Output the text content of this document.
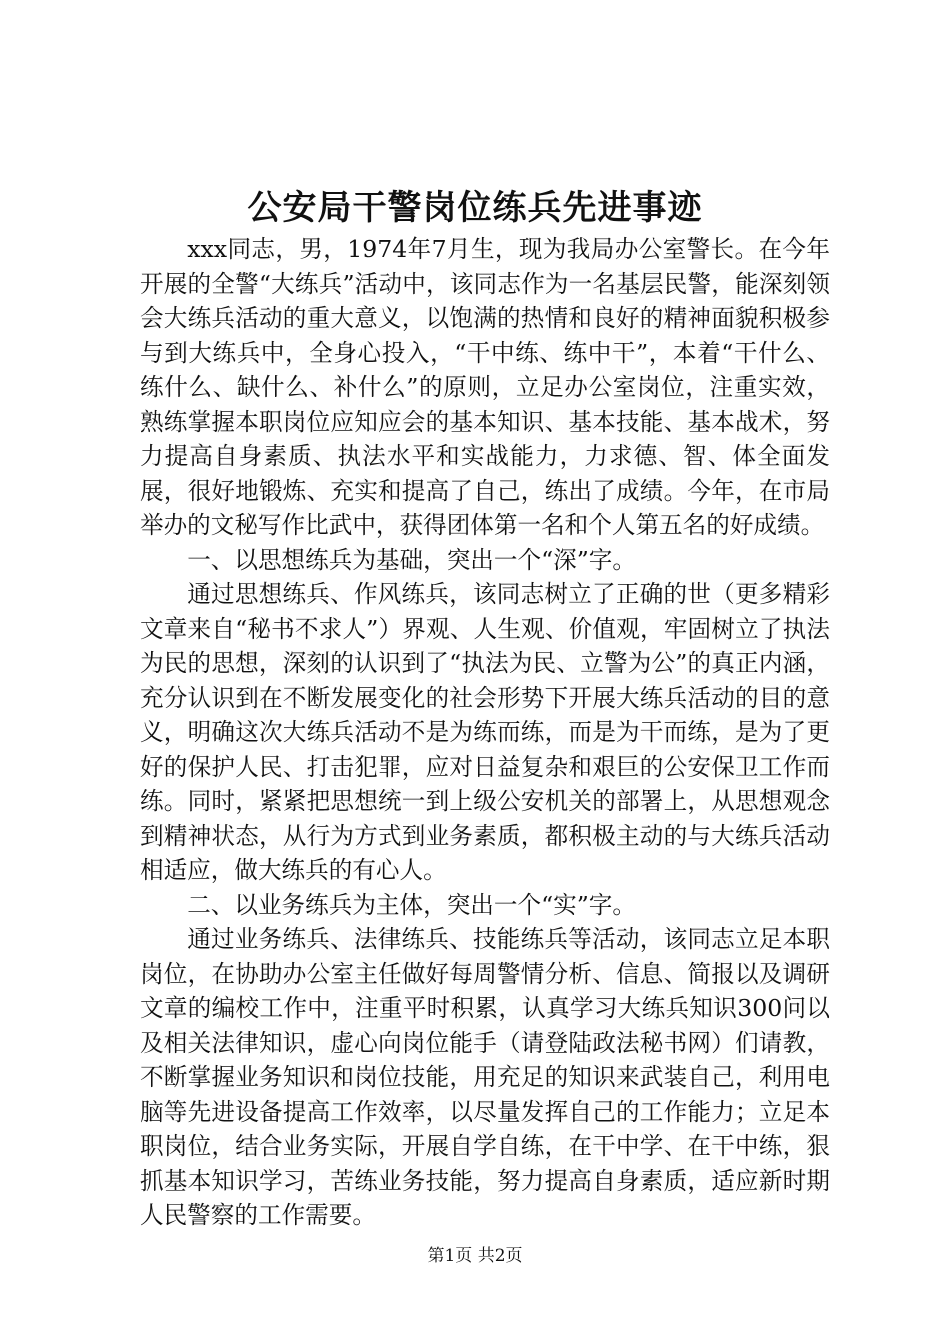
公安局干警岗位练兵先进事迹

xxx同志，男，1974年7月生，现为我局办公室警长。在今年开展的全警“大练兵”活动中，该同志作为一名基层民警，能深刻领会大练兵活动的重大意义，以饱满的热情和良好的精神面貌积极参与到大练兵中，全身心投入，“干中练、练中干”，本着“干什么、练什么、缺什么、补什么”的原则，立足办公室岗位，注重实效，熟练掌握本职岗位应知应会的基本知识、基本技能、基本战术，努力提高自身素质、执法水平和实战能力，力求德、智、体全面发展，很好地锻炼、充实和提高了自己，练出了成绩。今年，在市局举办的文秘写作比武中，获得团体第一名和个人第五名的好成绩。

一、以思想练兵为基础，突出一个“深”字。

通过思想练兵、作风练兵，该同志树立了正确的世（更多精彩文章来自“秘书不求人”）界观、人生观、价值观，牢固树立了执法为民的思想，深刻的认识到了“执法为民、立警为公”的真正内涵，充分认识到在不断发展变化的社会形势下开展大练兵活动的目的意义，明确这次大练兵活动不是为练而练，而是为干而练，是为了更好的保护人民、打击犯罪，应对日益复杂和艰巨的公安保卫工作而练。同时，紧紧把思想统一到上级公安机关的部署上，从思想观念到精神状态，从行为方式到业务素质，都积极主动的与大练兵活动相适应，做大练兵的有心人。

二、以业务练兵为主体，突出一个“实”字。

通过业务练兵、法律练兵、技能练兵等活动，该同志立足本职岗位，在协助办公室主任做好每周警情分析、信息、简报以及调研文章的编校工作中，注重平时积累，认真学习大练兵知识300问以及相关法律知识，虚心向岗位能手（请登陆政法秘书网）们请教，不断掌握业务知识和岗位技能，用充足的知识来武装自己，利用电脑等先进设备提高工作效率，以尽量发挥自己的工作能力；立足本职岗位，结合业务实际，开展自学自练，在干中学、在干中练，狠抓基本知识学习，苦练业务技能，努力提高自身素质，适应新时期人民警察的工作需要。

第1页 共2页
